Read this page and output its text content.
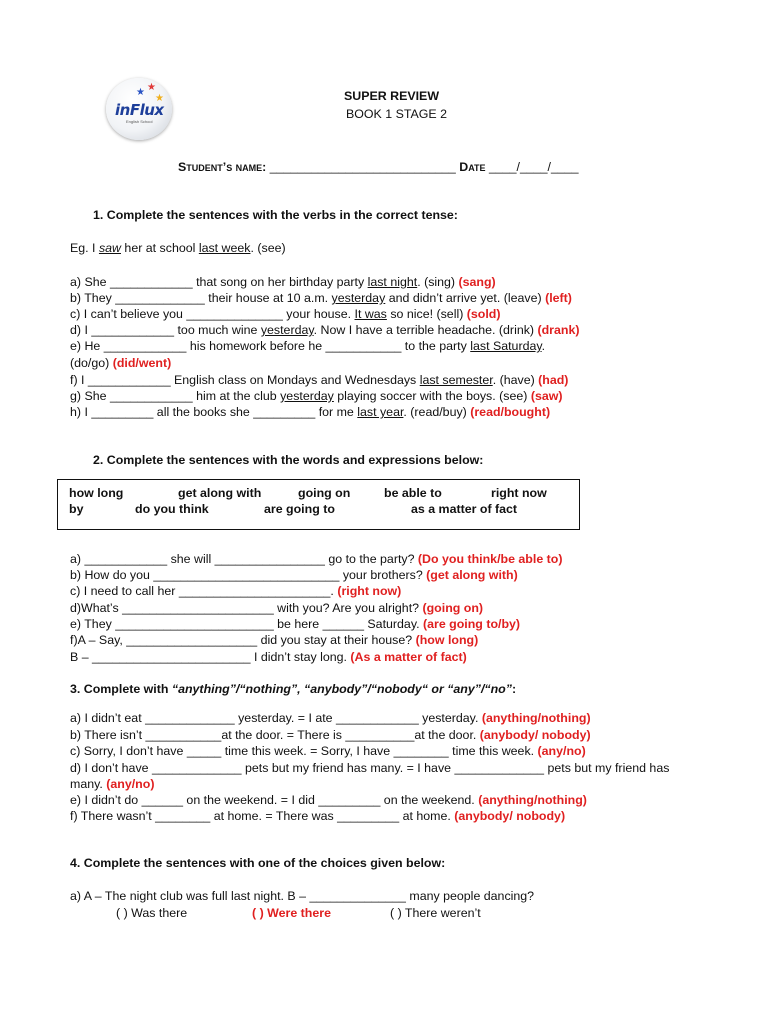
★ ★
★
inFlux
English School
SUPER REVIEW
BOOK 1 STAGE 2
Student’s name: ___________________________ Date ____/____/____
1. Complete the sentences with the verbs in the correct tense:
Eg. I saw her at school last week. (see)
a) She ____________ that song on her birthday party last night. (sing) (sang)
b) They _____________ their house at 10 a.m. yesterday and didn’t arrive yet. (leave) (left)
c) I can’t believe you ______________ your house. It was so nice! (sell) (sold)
d) I ____________ too much wine yesterday. Now I have a terrible headache. (drink) (drank)
e) He ____________ his homework before he ___________ to the party last Saturday.
(do/go) (did/went)
f) I ____________ English class on Mondays and Wednesdays last semester. (have) (had)
g) She ____________ him at the club yesterday playing soccer with the boys. (see) (saw)
h) I _________ all the books she _________ for me last year. (read/buy) (read/bought)
2. Complete the sentences with the words and expressions below:
how long	get along with	going on	be able to	right now
by	do you think	are going to	as a matter of fact
a) ____________ she will ________________ go to the party? (Do you think/be able to)
b) How do you ___________________________ your brothers? (get along with)
c) I need to call her ______________________. (right now)
d)What’s ______________________ with you? Are you alright? (going on)
e) They _______________________ be here ______ Saturday. (are going to/by)
f)A – Say, ___________________ did you stay at their house? (how long)
B – _______________________ I didn’t stay long. (As a matter of fact)
3. Complete with “anything”/“nothing”, “anybody”/“nobody“ or “any”/“no”:
a) I didn’t eat _____________ yesterday. = I ate ____________ yesterday. (anything/nothing)
b) There isn’t ___________at the door. = There is __________at the door. (anybody/ nobody)
c) Sorry, I don’t have _____ time this week. = Sorry, I have ________ time this week. (any/no)
d) I don’t have _____________ pets but my friend has many. = I have _____________ pets but my friend has
many. (any/no)
e) I didn’t do ______ on the weekend. = I did _________ on the weekend. (anything/nothing)
f) There wasn’t ________ at home. = There was _________ at home. (anybody/ nobody)
4. Complete the sentences with one of the choices given below:
a) A – The night club was full last night. B – ______________ many people dancing?
( ) Was there	( ) Were there	( ) There weren’t
